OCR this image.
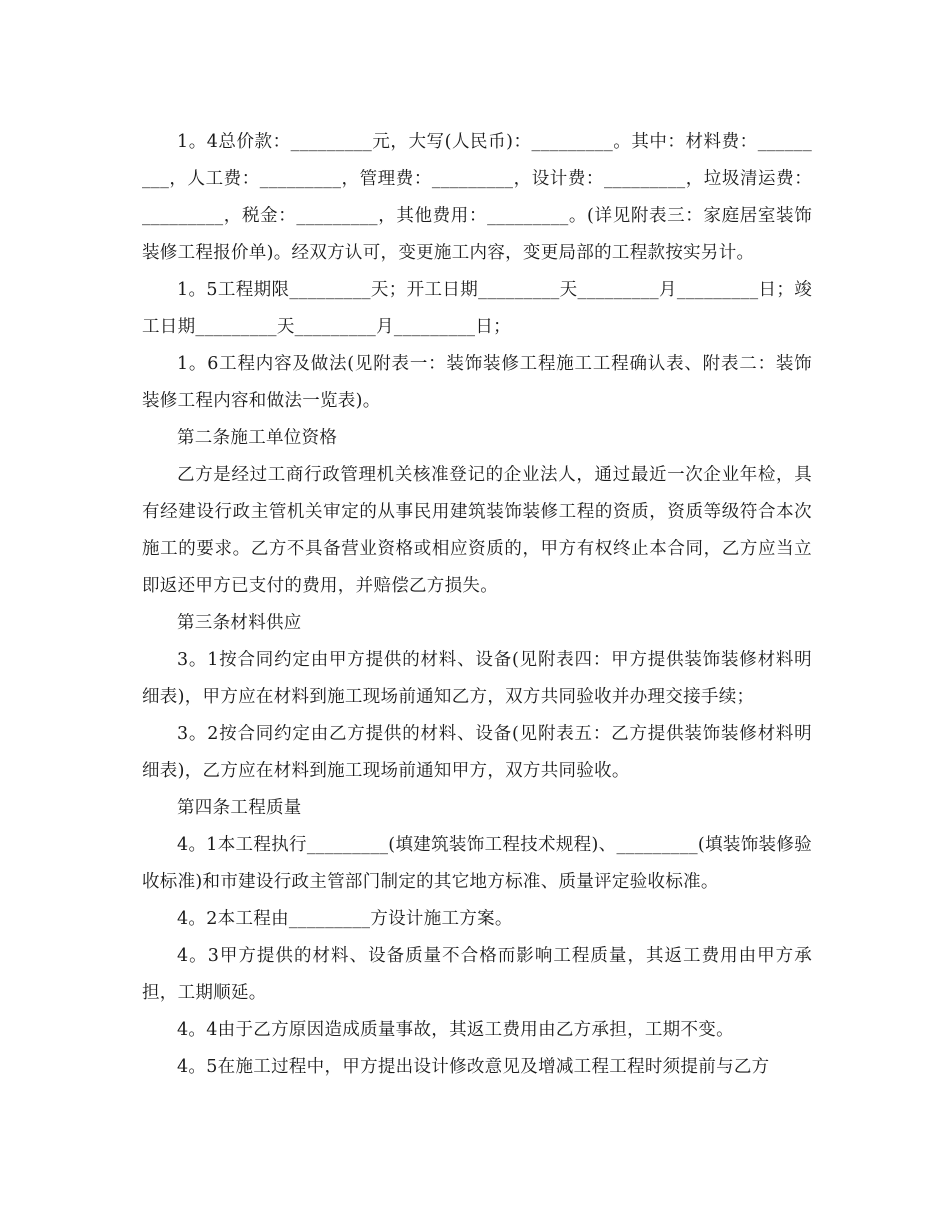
1。4总价款：_________元，大写(人民币)：_________。其中：材料费：_________，人工费：_________，管理费：_________，设计费：_________，垃圾清运费：_________，税金：_________，其他费用：_________。(详见附表三：家庭居室装饰装修工程报价单)。经双方认可，变更施工内容，变更局部的工程款按实另计。

1。5工程期限_________天；开工日期_________天_________月_________日；竣工日期_________天_________月_________日；

1。6工程内容及做法(见附表一：装饰装修工程施工工程确认表、附表二：装饰装修工程内容和做法一览表)。

第二条施工单位资格

乙方是经过工商行政管理机关核准登记的企业法人，通过最近一次企业年检，具有经建设行政主管机关审定的从事民用建筑装饰装修工程的资质，资质等级符合本次施工的要求。乙方不具备营业资格或相应资质的，甲方有权终止本合同，乙方应当立即返还甲方已支付的费用，并赔偿乙方损失。

第三条材料供应

3。1按合同约定由甲方提供的材料、设备(见附表四：甲方提供装饰装修材料明细表)，甲方应在材料到施工现场前通知乙方，双方共同验收并办理交接手续；

3。2按合同约定由乙方提供的材料、设备(见附表五：乙方提供装饰装修材料明细表)，乙方应在材料到施工现场前通知甲方，双方共同验收。

第四条工程质量

4。1本工程执行_________(填建筑装饰工程技术规程)、_________(填装饰装修验收标准)和市建设行政主管部门制定的其它地方标准、质量评定验收标准。

4。2本工程由_________方设计施工方案。

4。3甲方提供的材料、设备质量不合格而影响工程质量，其返工费用由甲方承担，工期顺延。

4。4由于乙方原因造成质量事故，其返工费用由乙方承担，工期不变。

4。5在施工过程中，甲方提出设计修改意见及增减工程工程时须提前与乙方
